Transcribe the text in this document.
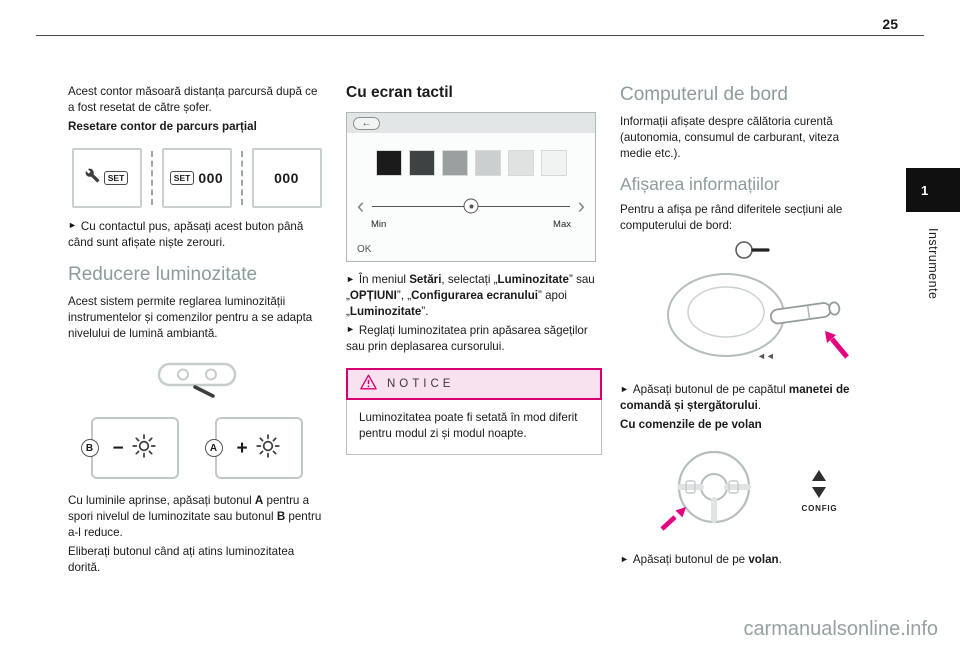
25
1
Instrumente

Acest contor măsoară distanța parcursă după ce a fost resetat de către șofer.

Resetare contor de parcurs parțial

SET	SET 000	000

► Cu contactul pus, apăsați acest buton până când sunt afișate niște zerouri.

Reducere luminozitate

Acest sistem permite reglarea luminozității instrumentelor și comenzilor pentru a se adapta nivelului de lumină ambiantă.

B −	A +

Cu luminile aprinse, apăsați butonul A pentru a spori nivelul de luminozitate sau butonul B pentru a-l reduce.

Eliberați butonul când ați atins luminozitatea dorită.

Cu ecran tactil
←
‹	›
Min	Max
OK

► În meniul Setări, selectați „Luminozitate” sau „OPȚIUNI”, „Configurarea ecranului” apoi „Luminozitate”.

► Reglați luminozitatea prin apăsarea săgeților sau prin deplasarea cursorului.

NOTICE
Luminozitatea poate fi setată în mod diferit pentru modul zi și modul noapte.
Computerul de bord

Informații afișate despre călătoria curentă (autonomia, consumul de carburant, viteza medie etc.).

Afișarea informațiilor

Pentru a afișa pe rând diferitele secțiuni ale computerului de bord:

◄◄

► Apăsați butonul de pe capătul manetei de comandă și ștergătorului.

Cu comenzile de pe volan

CONFIG

► Apăsați butonul de pe volan.

carmanualsonline.info
